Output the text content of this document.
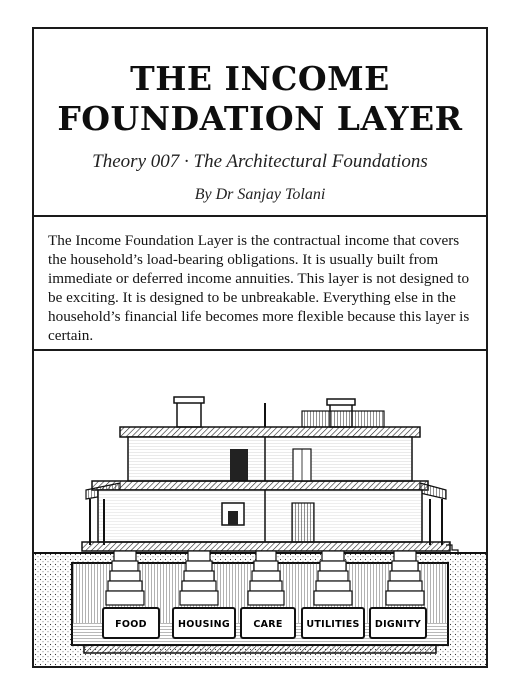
THE INCOME
FOUNDATION LAYER
Theory 007 · The Architectural Foundations
By Dr Sanjay Tolani
The Income Foundation Layer is the contractual income that covers the household’s load-bearing obligations. It is usually built from immediate or deferred income annuities. This layer is not designed to be exciting. It is designed to be unbreakable. Everything else in the household’s financial life becomes more flexible because this layer is certain.
FOOD	HOUSING CARE UTILITIES DIGNITY
